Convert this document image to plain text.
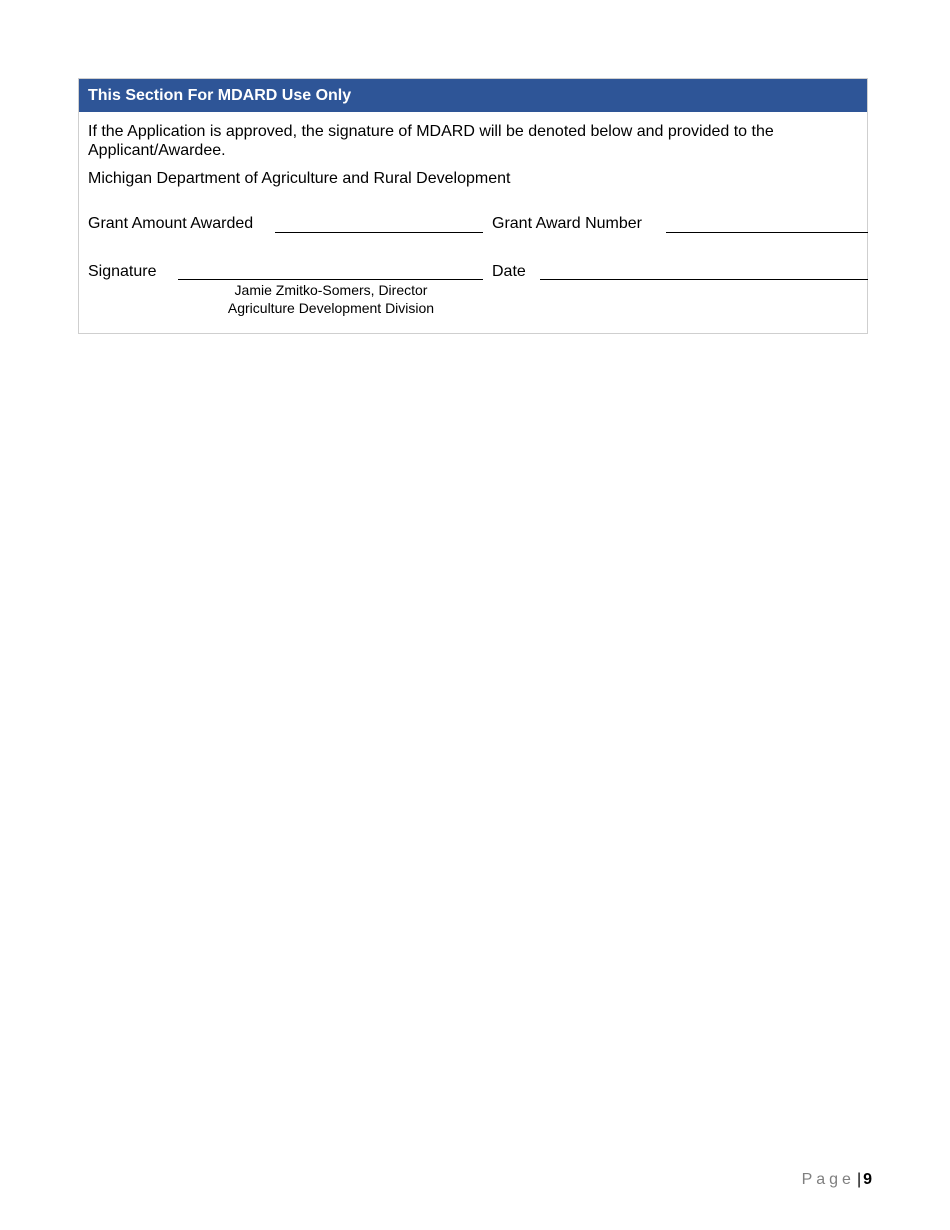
This Section For MDARD Use Only
If the Application is approved, the signature of MDARD will be denoted below and provided to the Applicant/Awardee.
Michigan Department of Agriculture and Rural Development
Grant Amount Awarded	Grant Award Number
Signature	Date
Jamie Zmitko-Somers, Director
Agriculture Development Division
Page | 9
